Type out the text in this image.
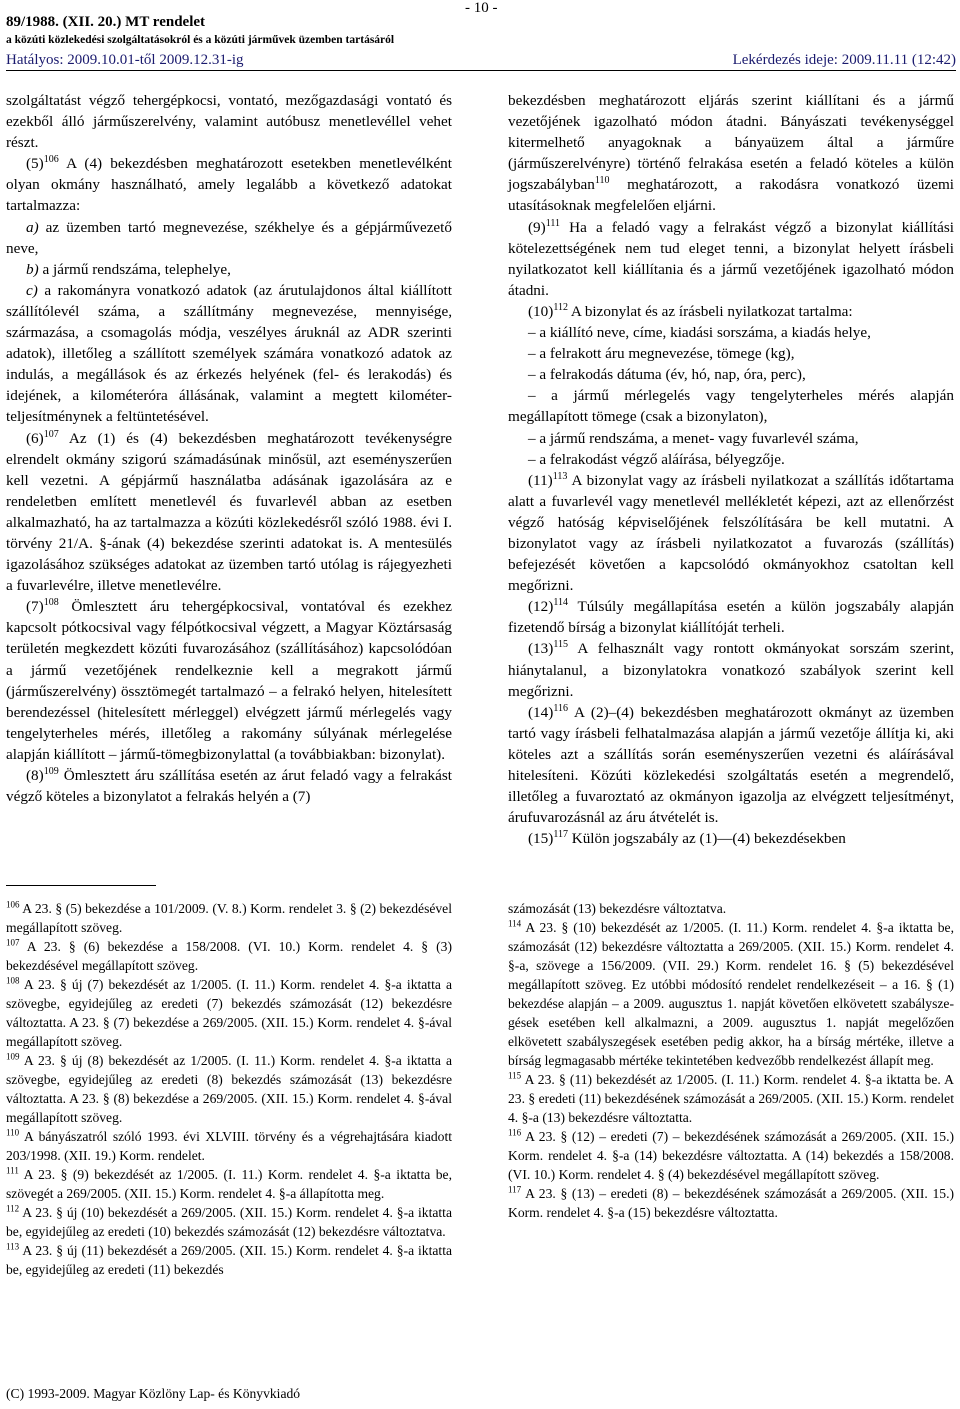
89/1988. (XII. 20.) MT rendelet
a közúti közlekedési szolgáltatásokról és a közúti járművek üzemben tartásáról
Hatályos: 2009.10.01-től 2009.12.31-ig
- 10 -
Lekérdezés ideje: 2009.11.11 (12:42)

szolgáltatást végző tehergépkocsi, vontató, mezőgazdasági vontató és ezekből álló járműszerelvény, valamint autóbusz menetlevéllel vehet részt.

$(5)^{106}$ A (4) bekezdésben meghatározott esetekben menetlevélként olyan okmány használható, amely legalább a következő adatokat tartalmazza:

a) az üzemben tartó megnevezése, székhelye és a gépjárművezető neve,

b) a jármű rendszáma, telephelye,

c) a rakományra vonatkozó adatok (az árutulajdonos által kiállított szállítólevél száma, a szállítmány megnevezése, mennyisége, származása, a csomagolás módja, veszélyes áruknál az ADR szerinti adatok), illetőleg a szállított személyek számára vonatkozó adatok az indulás, a megállások és az érkezés helyének (fel- és lerakodás) és idejének, a kilométeróra állásának, valamint a megtett kilométer-teljesítménynek a feltüntetésével.

$(6)^{107}$ Az (1) és (4) bekezdésben meghatározott tevékenységre elrendelt okmány szigorú számadásúnak minősül, azt eseményszerűen kell vezetni. A gépjármű használatba adásának igazolására az e rendeletben említett menetlevél és fuvarlevél abban az esetben alkalmazható, ha az tartalmazza a közúti közlekedésről szóló 1988. évi I. törvény 21/A. §-ának (4) bekezdése szerinti adatokat is. A mentesülés igazolásához szükséges adatokat az üzemben tartó utólag is rájegyezheti a fuvarlevélre, illetve menetlevélre.

$(7)^{108}$ Ömlesztett áru tehergépkocsival, vontatóval és ezekhez kapcsolt pótkocsival vagy félpótkocsival végzett, a Magyar Köztársaság területén megkezdett közúti fuvarozásához (szállításához) kapcsolódóan a jármű vezetőjének rendelkeznie kell a megrakott jármű (járműszerelvény) össztömegét tartalmazó – a felrakó helyen, hitelesített berendezéssel (hitelesített mérleggel) elvégzett jármű mérlegelés vagy tengelyterheles mérés, illetőleg a rakomány súlyának mérlegelése alapján kiállított – jármű-tömegbizonylattal (a továbbiakban: bizonylat).

$(8)^{109}$ Ömlesztett áru szállítása esetén az árut feladó vagy a felrakást végző köteles a bizonylatot a felrakás helyén a (7)

bekezdésben meghatározott eljárás szerint kiállítani és a jármű vezetőjének igazolható módon átadni. Bányászati tevékenységgel kitermelhető anyagoknak a bányaüzem által a járműre (járműszerelvényre) történő felrakása esetén a feladó köteles a külön jogszabályban$^{110}$ meghatározott, a rakodásra vonatkozó üzemi utasításoknak megfelelően eljárni.

$(9)^{111}$ Ha a feladó vagy a felrakást végző a bizonylat kiállítási kötelezettségének nem tud eleget tenni, a bizonylat helyett írásbeli nyilatkozatot kell kiállítania és a jármű vezetőjének igazolható módon átadni.

$(10)^{112}$ A bizonylat és az írásbeli nyilatkozat tartalma:

– a kiállító neve, címe, kiadási sorszáma, a kiadás helye,

– a felrakott áru megnevezése, tömege (kg),

– a felrakodás dátuma (év, hó, nap, óra, perc),

– a jármű mérlegelés vagy tengelyterheles mérés alapján megállapított tömege (csak a bizonylaton),

– a jármű rendszáma, a menet- vagy fuvarlevél száma,

– a felrakodást végző aláírása, bélyegzője.

$(11)^{113}$ A bizonylat vagy az írásbeli nyilatkozat a szállítás időtartama alatt a fuvarlevél vagy menetlevél mellékletét képezi, azt az ellenőrzést végző hatóság képviselőjének felszólítására be kell mutatni. A bizonylatot vagy az írásbeli nyilatkozatot a fuvarozás (szállítás) befejezését követően a kapcsolódó okmányokhoz csatoltan kell megőrizni.

$(12)^{114}$ Túlsúly megállapítása esetén a külön jogszabály alapján fizetendő bírság a bizonylat kiállítóját terheli.

$(13)^{115}$ A felhasznált vagy rontott okmányokat sorszám szerint, hiánytalanul, a bizonylatokra vonatkozó szabályok szerint kell megőrizni.

$(14)^{116}$ A (2)–(4) bekezdésben meghatározott okmányt az üzemben tartó vagy írásbeli felhatalmazása alapján a jármű vezetője állítja ki, aki köteles azt a szállítás során eseményszerűen vezetni és aláírásával hitelesíteni. Közúti közlekedési szolgáltatás esetén a megrendelő, illetőleg a fuvaroztató az okmányon igazolja az elvégzett teljesítményt, árufuvarozásnál az áru átvételét is.

$(15)^{117}$ Külön jogszabály az (1)—(4) bekezdésekben

$^{106}$ A 23. § (5) bekezdése a 101/2009. (V. 8.) Korm. rendelet 3. § (2) bekezdésével megállapított szöveg.

$^{107}$ A 23. § (6) bekezdése a 158/2008. (VI. 10.) Korm. rendelet 4. § (3) bekezdésével megállapított szöveg.

$^{108}$ A 23. § új (7) bekezdését az 1/2005. (I. 11.) Korm. rendelet 4. §-a iktatta a szövegbe, egyidejűleg az eredeti (7) bekezdés számozását (12) bekezdésre változtatta. A 23. § (7) bekezdése a 269/2005. (XII. 15.) Korm. rendelet 4. §-ával megállapított szöveg.

$^{109}$ A 23. § új (8) bekezdését az 1/2005. (I. 11.) Korm. rendelet 4. §-a iktatta a szövegbe, egyidejűleg az eredeti (8) bekezdés számozását (13) bekezdésre változtatta. A 23. § (8) bekezdése a 269/2005. (XII. 15.) Korm. rendelet 4. §-ával megállapított szöveg.

$^{110}$ A bányászatról szóló 1993. évi XLVIII. törvény és a végrehajtására kiadott 203/1998. (XII. 19.) Korm. rendelet.

$^{111}$ A 23. § (9) bekezdését az 1/2005. (I. 11.) Korm. rendelet 4. §-a iktatta be, szövegét a 269/2005. (XII. 15.) Korm. rendelet 4. §-a állapította meg.

$^{112}$ A 23. § új (10) bekezdését a 269/2005. (XII. 15.) Korm. rendelet 4. §-a iktatta be, egyidejűleg az eredeti (10) bekezdés számozását (12) bekezdésre változtatva.

$^{113}$ A 23. § új (11) bekezdését a 269/2005. (XII. 15.) Korm. rendelet 4. §-a iktatta be, egyidejűleg az eredeti (11) bekezdés

számozását (13) bekezdésre változtatva.

$^{114}$ A 23. § (10) bekezdését az 1/2005. (I. 11.) Korm. rendelet 4. §-a iktatta be, számozását (12) bekezdésre változtatta a 269/2005. (XII. 15.) Korm. rendelet 4. §-a, szövege a 156/2009. (VII. 29.) Korm. rendelet 16. § (5) bekezdésével megállapított szöveg. Ez utóbbi módosító rendelet rendelkezéseit – a 16. § (1) bekezdése alapján – a 2009. augusztus 1. napját követően elkövetett szabályszegések esetében kell alkalmazni, a 2009. augusztus 1. napját megelőzően elkövetett szabályszegések esetében pedig akkor, ha a bírság mértéke, illetve a bírság legmagasabb mértéke tekintetében kedvezőbb rendelkezést állapít meg.

$^{115}$ A 23. § (11) bekezdését az 1/2005. (I. 11.) Korm. rendelet 4. §-a iktatta be. A 23. § eredeti (11) bekezdésének számozását a 269/2005. (XII. 15.) Korm. rendelet 4. §-a (13) bekezdésre változtatta.

$^{116}$ A 23. § (12) – eredeti (7) – bekezdésének számozását a 269/2005. (XII. 15.) Korm. rendelet 4. §-a (14) bekezdésre változtatta. A (14) bekezdés a 158/2008. (VI. 10.) Korm. rendelet 4. § (4) bekezdésével megállapított szöveg.

$^{117}$ A 23. § (13) – eredeti (8) – bekezdésének számozását a 269/2005. (XII. 15.) Korm. rendelet 4. §-a (15) bekezdésre változtatta.

(C) 1993-2009. Magyar Közlöny Lap- és Könyvkiadó
